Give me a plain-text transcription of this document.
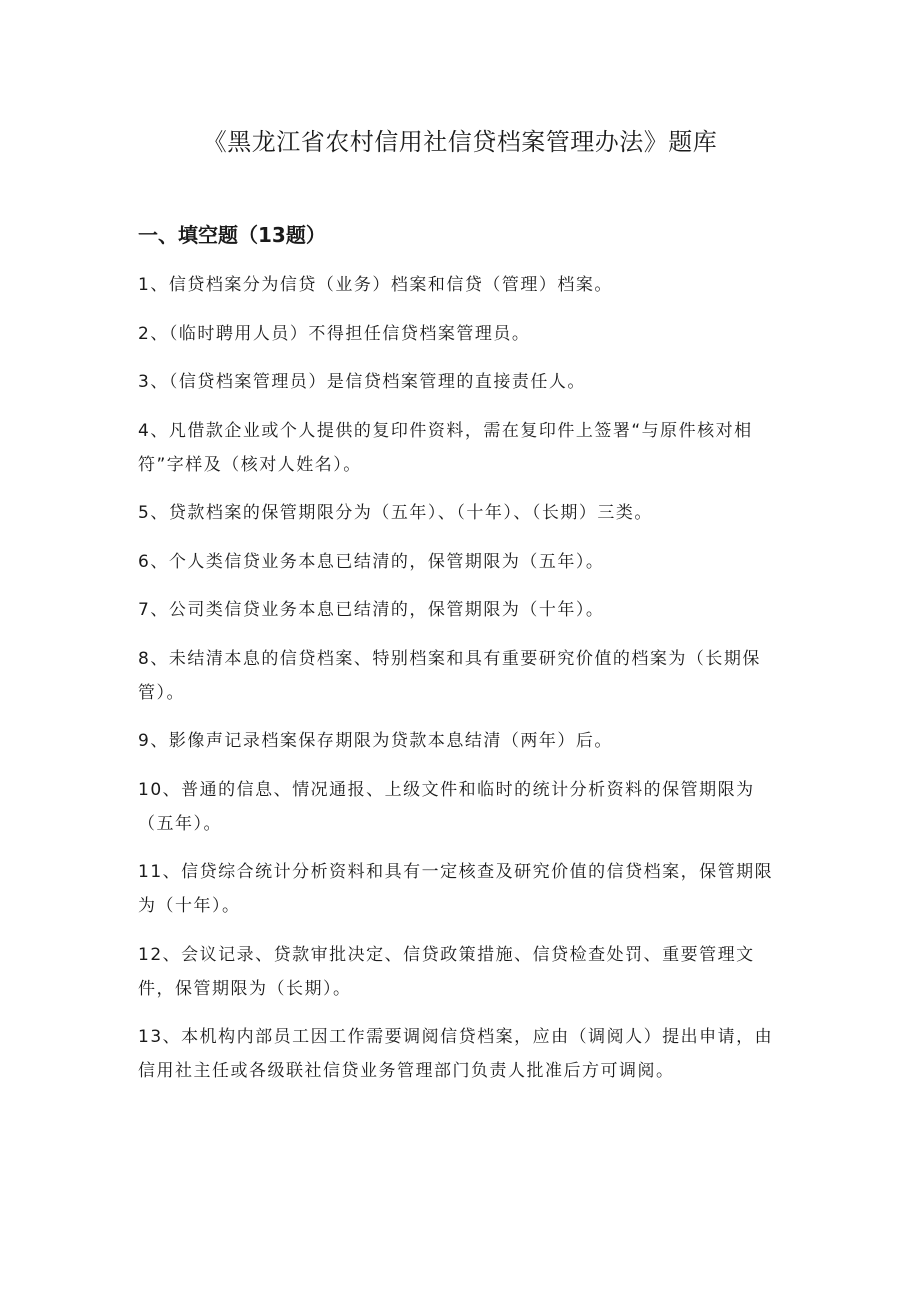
《黑龙江省农村信用社信贷档案管理办法》题库
一、填空题（13题）
1、信贷档案分为信贷（业务）档案和信贷（管理）档案。
2、（临时聘用人员）不得担任信贷档案管理员。
3、（信贷档案管理员）是信贷档案管理的直接责任人。
4、凡借款企业或个人提供的复印件资料，需在复印件上签署“与原件核对相符”字样及（核对人姓名）。
5、贷款档案的保管期限分为（五年）、（十年）、（长期）三类。
6、个人类信贷业务本息已结清的，保管期限为（五年）。
7、公司类信贷业务本息已结清的，保管期限为（十年）。
8、未结清本息的信贷档案、特别档案和具有重要研究价值的档案为（长期保管）。
9、影像声记录档案保存期限为贷款本息结清（两年）后。
10、普通的信息、情况通报、上级文件和临时的统计分析资料的保管期限为（五年）。
11、信贷综合统计分析资料和具有一定核查及研究价值的信贷档案，保管期限为（十年）。
12、会议记录、贷款审批决定、信贷政策措施、信贷检查处罚、重要管理文件，保管期限为（长期）。
13、本机构内部员工因工作需要调阅信贷档案，应由（调阅人）提出申请，由信用社主任或各级联社信贷业务管理部门负责人批准后方可调阅。
